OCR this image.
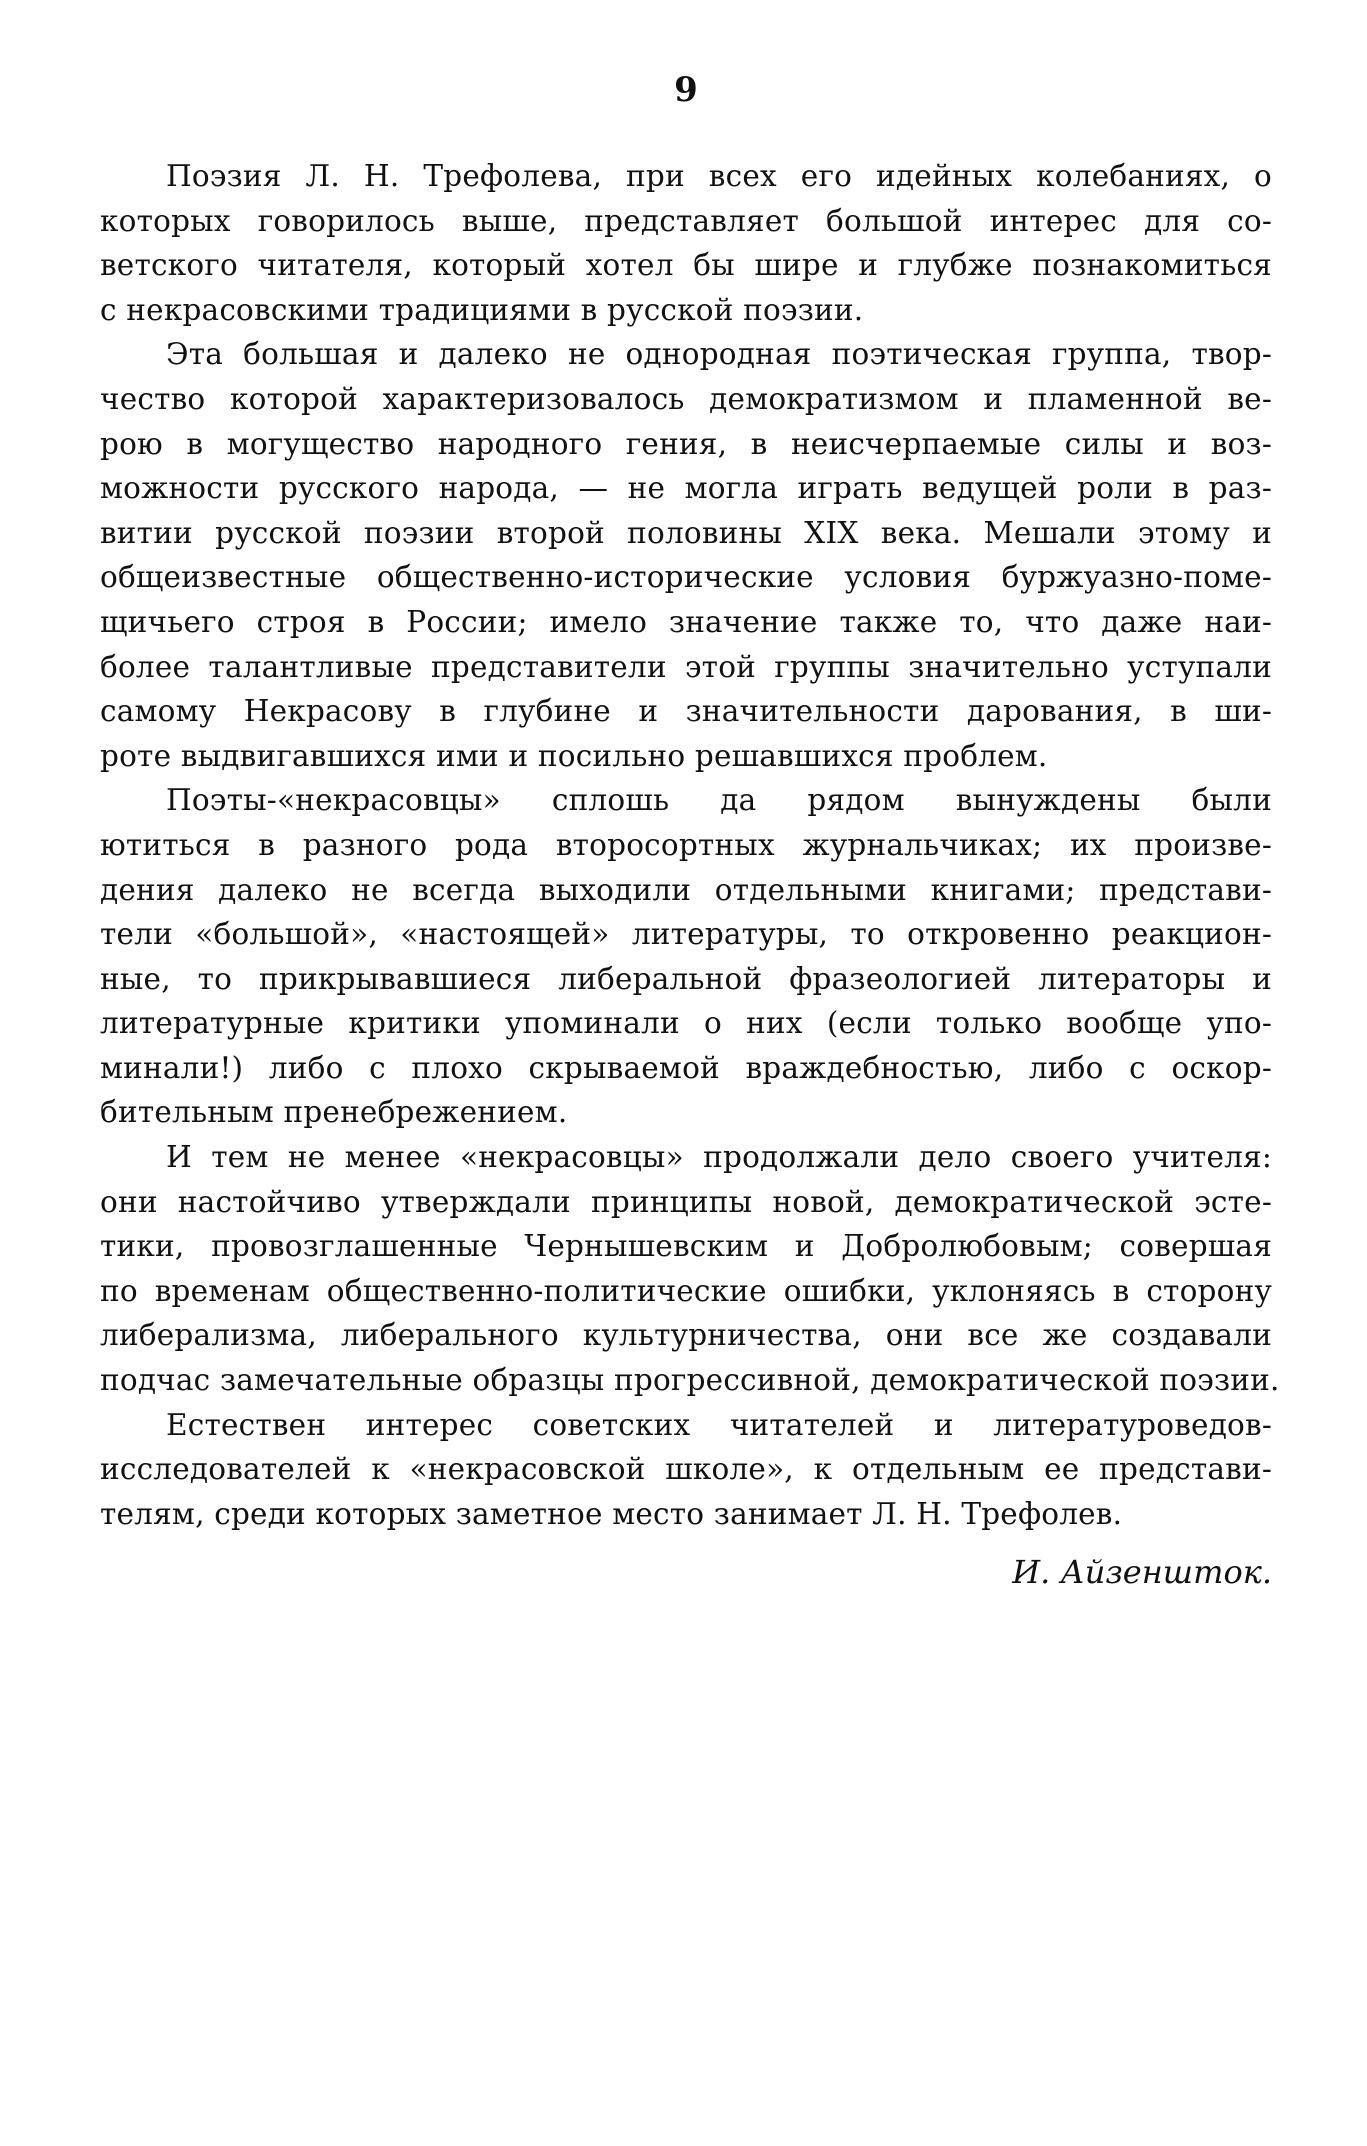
9
Поэзия Л. Н. Трефолева, при всех его идейных колебаниях, о
которых говорилось выше, представляет большой интерес для со-
ветского читателя, который хотел бы шире и глубже познакомиться
с некрасовскими традициями в русской поэзии.
Эта большая и далеко не однородная поэтическая группа, твор-
чество которой характеризовалось демократизмом и пламенной ве-
рою в могущество народного гения, в неисчерпаемые силы и воз-
можности русского народа, — не могла играть ведущей роли в раз-
витии русской поэзии второй половины XIX века. Мешали этому и
общеизвестные общественно-исторические условия буржуазно-поме-
щичьего строя в России; имело значение также то, что даже наи-
более талантливые представители этой группы значительно уступали
самому Некрасову в глубине и значительности дарования, в ши-
роте выдвигавшихся ими и посильно решавшихся проблем.
Поэты-«некрасовцы» сплошь да рядом вынуждены были
ютиться в разного рода второсортных журнальчиках; их произве-
дения далеко не всегда выходили отдельными книгами; представи-
тели «большой», «настоящей» литературы, то откровенно реакцион-
ные, то прикрывавшиеся либеральной фразеологией литераторы и
литературные критики упоминали о них (если только вообще упо-
минали!) либо с плохо скрываемой враждебностью, либо с оскор-
бительным пренебрежением.
И тем не менее «некрасовцы» продолжали дело своего учителя:
они настойчиво утверждали принципы новой, демократической эсте-
тики, провозглашенные Чернышевским и Добролюбовым; совершая
по временам общественно-политические ошибки, уклоняясь в сторону
либерализма, либерального культурничества, они все же создавали
подчас замечательные образцы прогрессивной, демократической поэзии.
Естествен интерес советских читателей и литературоведов-
исследователей к «некрасовской школе», к отдельным ее представи-
телям, среди которых заметное место занимает Л. Н. Трефолев.
И. Айзеншток.
